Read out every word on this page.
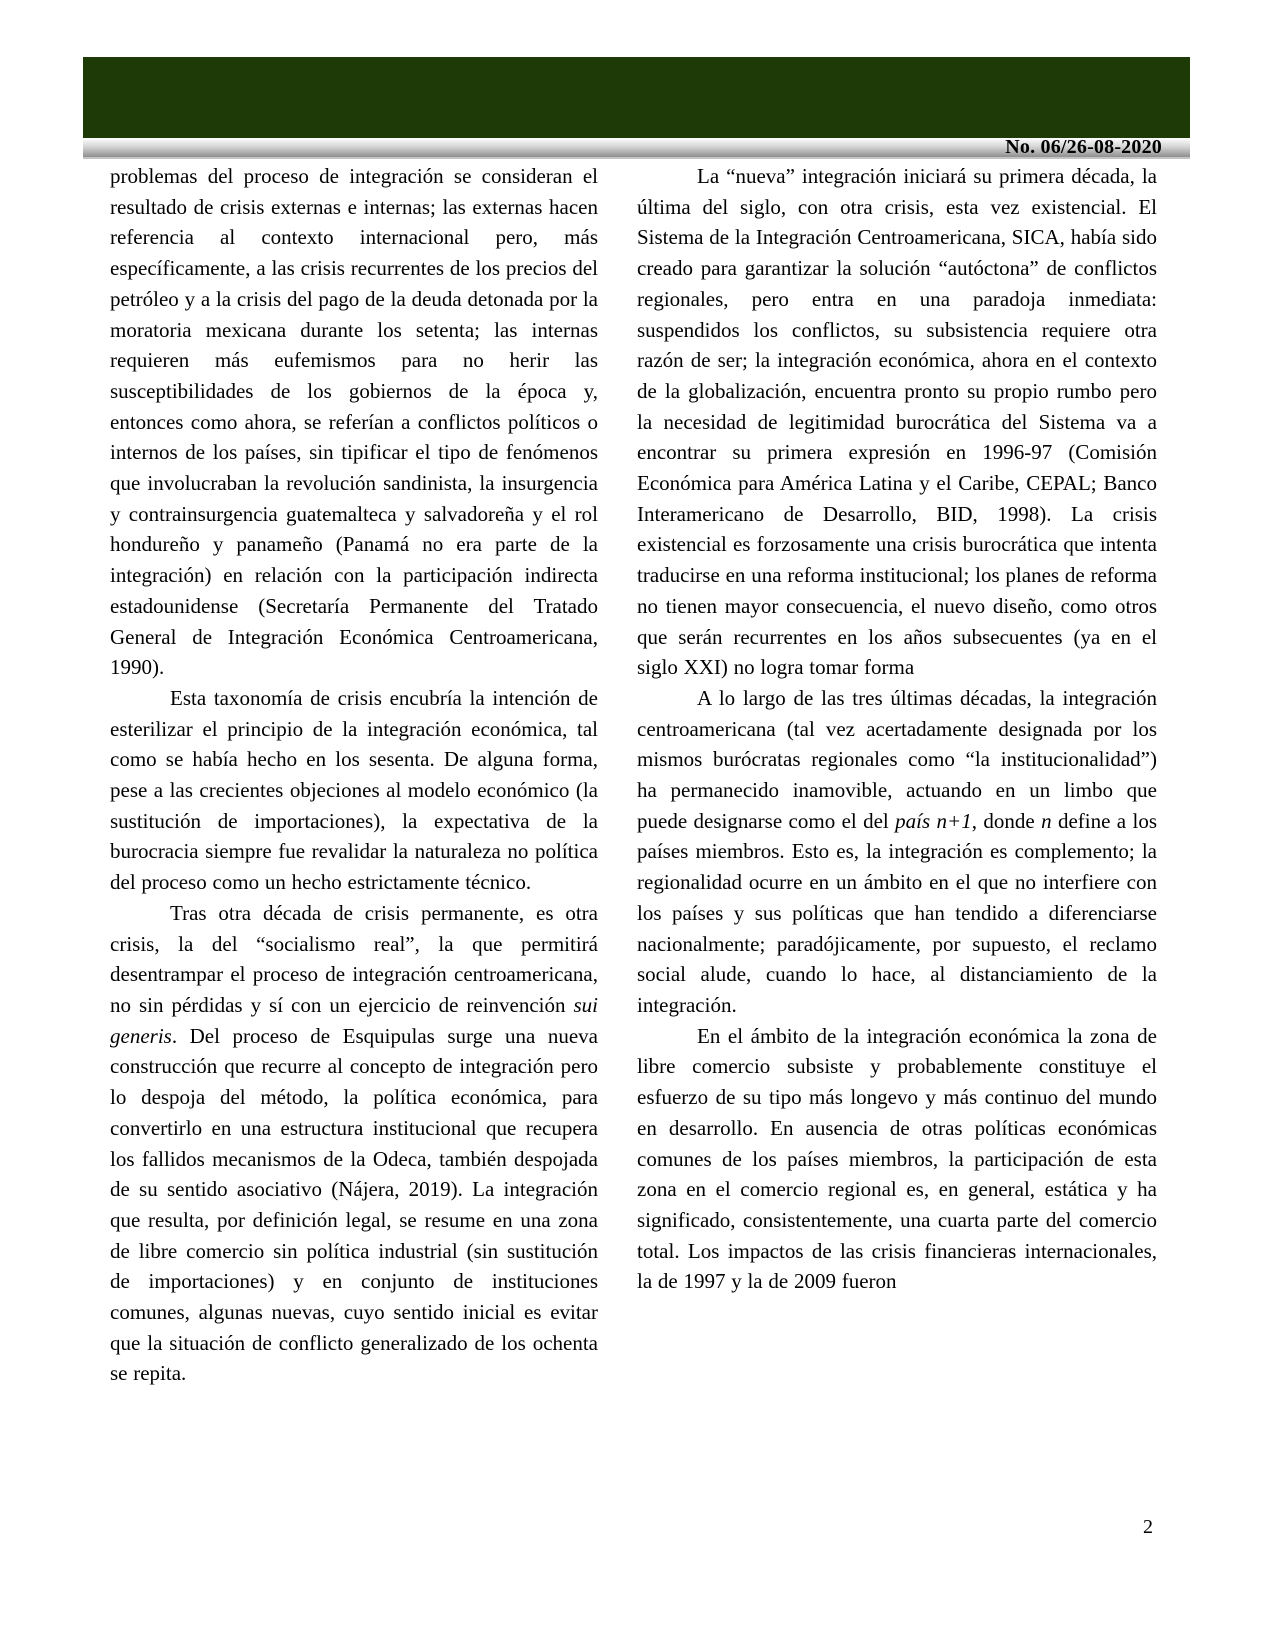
No. 06/26-08-2020

problemas del proceso de integración se consideran el resultado de crisis externas e internas; las externas hacen referencia al contexto internacional pero, más específicamente, a las crisis recurrentes de los precios del petróleo y a la crisis del pago de la deuda detonada por la moratoria mexicana durante los setenta; las internas requieren más eufemismos para no herir las susceptibilidades de los gobiernos de la época y, entonces como ahora, se referían a conflictos políticos o internos de los países, sin tipificar el tipo de fenómenos que involucraban la revolución sandinista, la insurgencia y contrainsurgencia guatemalteca y salvadoreña y el rol hondureño y panameño (Panamá no era parte de la integración) en relación con la participación indirecta estadounidense (Secretaría Permanente del Tratado General de Integración Económica Centroamericana, 1990).

Esta taxonomía de crisis encubría la intención de esterilizar el principio de la integración económica, tal como se había hecho en los sesenta. De alguna forma, pese a las crecientes objeciones al modelo económico (la sustitución de importaciones), la expectativa de la burocracia siempre fue revalidar la naturaleza no política del proceso como un hecho estrictamente técnico.

Tras otra década de crisis permanente, es otra crisis, la del “socialismo real”, la que permitirá desentrampar el proceso de integración centroamericana, no sin pérdidas y sí con un ejercicio de reinvención sui generis. Del proceso de Esquipulas surge una nueva construcción que recurre al concepto de integración pero lo despoja del método, la política económica, para convertirlo en una estructura institucional que recupera los fallidos mecanismos de la Odeca, también despojada de su sentido asociativo (Nájera, 2019). La integración que resulta, por definición legal, se resume en una zona de libre comercio sin política industrial (sin sustitución de importaciones) y en conjunto de instituciones comunes, algunas nuevas, cuyo sentido inicial es evitar que la situación de conflicto generalizado de los ochenta se repita.

La “nueva” integración iniciará su primera década, la última del siglo, con otra crisis, esta vez existencial. El Sistema de la Integración Centroamericana, SICA, había sido creado para garantizar la solución “autóctona” de conflictos regionales, pero entra en una paradoja inmediata: suspendidos los conflictos, su subsistencia requiere otra razón de ser; la integración económica, ahora en el contexto de la globalización, encuentra pronto su propio rumbo pero la necesidad de legitimidad burocrática del Sistema va a encontrar su primera expresión en 1996-97 (Comisión Económica para América Latina y el Caribe, CEPAL; Banco Interamericano de Desarrollo, BID, 1998). La crisis existencial es forzosamente una crisis burocrática que intenta traducirse en una reforma institucional; los planes de reforma no tienen mayor consecuencia, el nuevo diseño, como otros que serán recurrentes en los años subsecuentes (ya en el siglo XXI) no logra tomar forma

A lo largo de las tres últimas décadas, la integración centroamericana (tal vez acertadamente designada por los mismos burócratas regionales como “la institucionalidad”) ha permanecido inamovible, actuando en un limbo que puede designarse como el del país n+1, donde n define a los países miembros. Esto es, la integración es complemento; la regionalidad ocurre en un ámbito en el que no interfiere con los países y sus políticas que han tendido a diferenciarse nacionalmente; paradójicamente, por supuesto, el reclamo social alude, cuando lo hace, al distanciamiento de la integración.

En el ámbito de la integración económica la zona de libre comercio subsiste y probablemente constituye el esfuerzo de su tipo más longevo y más continuo del mundo en desarrollo. En ausencia de otras políticas económicas comunes de los países miembros, la participación de esta zona en el comercio regional es, en general, estática y ha significado, consistentemente, una cuarta parte del comercio total. Los impactos de las crisis financieras internacionales, la de 1997 y la de 2009 fueron

2
